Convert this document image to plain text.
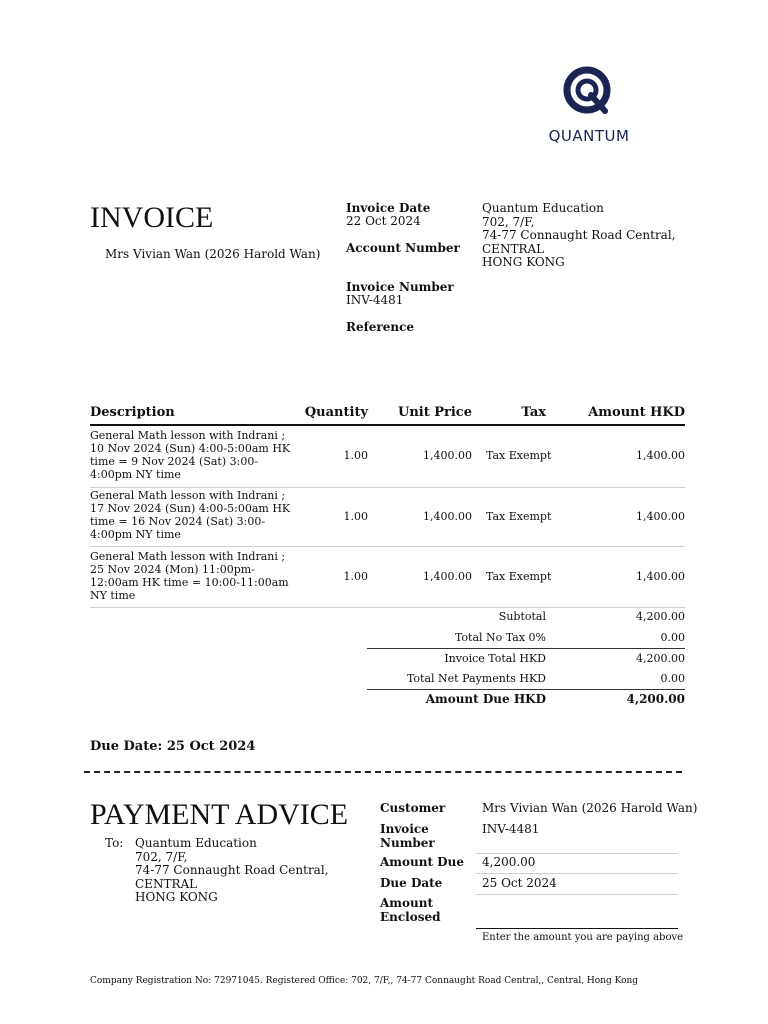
QUANTUM
INVOICE
Mrs Vivian Wan (2026 Harold Wan)
Invoice Date
22 Oct 2024
Account Number
Invoice Number
INV-4481
Reference
Quantum Education
702, 7/F,
74-77 Connaught Road Central,
CENTRAL
HONG KONG
Description	Quantity	Unit Price	Tax	Amount HKD
General Math lesson with Indrani ;
10 Nov 2024 (Sun) 4:00-5:00am HK
time = 9 Nov 2024 (Sat) 3:00-
4:00pm NY time
1.00	1,400.00 Tax Exempt	1,400.00
General Math lesson with Indrani ;
17 Nov 2024 (Sun) 4:00-5:00am HK
time = 16 Nov 2024 (Sat) 3:00-
4:00pm NY time
1.00	1,400.00 Tax Exempt	1,400.00
General Math lesson with Indrani ;
25 Nov 2024 (Mon) 11:00pm-
12:00am HK time = 10:00-11:00am
NY time
1.00	1,400.00 Tax Exempt	1,400.00
Subtotal	4,200.00
Total No Tax 0%	0.00
Invoice Total HKD	4,200.00
Total Net Payments HKD	0.00
Amount Due HKD	4,200.00
Due Date: 25 Oct 2024
PAYMENT ADVICE
To: Quantum Education
702, 7/F,
74-77 Connaught Road Central,
CENTRAL
HONG KONG
Customer	Mrs Vivian Wan (2026 Harold Wan)
Invoice
Number
INV-4481
Amount Due 4,200.00
Due Date	25 Oct 2024
Amount
Enclosed
Enter the amount you are paying above
Company Registration No: 72971045. Registered Office: 702, 7/F,, 74-77 Connaught Road Central,, Central, Hong Kong
